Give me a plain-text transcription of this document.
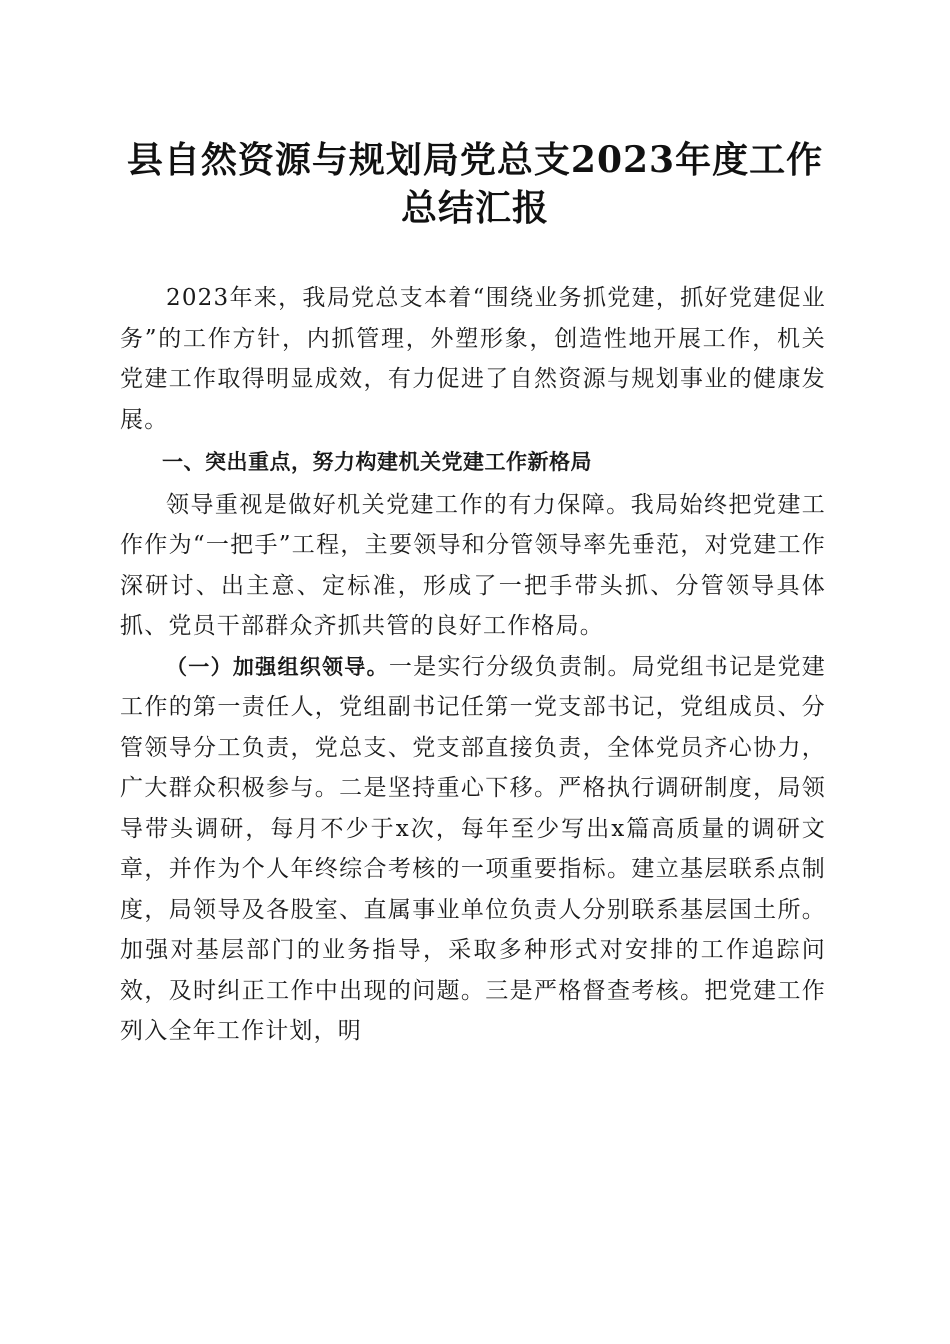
县自然资源与规划局党总支2023年度工作总结汇报

2023年来，我局党总支本着“围绕业务抓党建，抓好党建促业务”的工作方针，内抓管理，外塑形象，创造性地开展工作，机关党建工作取得明显成效，有力促进了自然资源与规划事业的健康发展。

一、突出重点，努力构建机关党建工作新格局

领导重视是做好机关党建工作的有力保障。我局始终把党建工作作为“一把手”工程，主要领导和分管领导率先垂范，对党建工作深研讨、出主意、定标准，形成了一把手带头抓、分管领导具体抓、党员干部群众齐抓共管的良好工作格局。

（一）加强组织领导。一是实行分级负责制。局党组书记是党建工作的第一责任人，党组副书记任第一党支部书记，党组成员、分管领导分工负责，党总支、党支部直接负责，全体党员齐心协力，广大群众积极参与。二是坚持重心下移。严格执行调研制度，局领导带头调研，每月不少于x次，每年至少写出x篇高质量的调研文章，并作为个人年终综合考核的一项重要指标。建立基层联系点制度，局领导及各股室、直属事业单位负责人分别联系基层国土所。加强对基层部门的业务指导，采取多种形式对安排的工作追踪问效，及时纠正工作中出现的问题。三是严格督查考核。把党建工作列入全年工作计划，明
